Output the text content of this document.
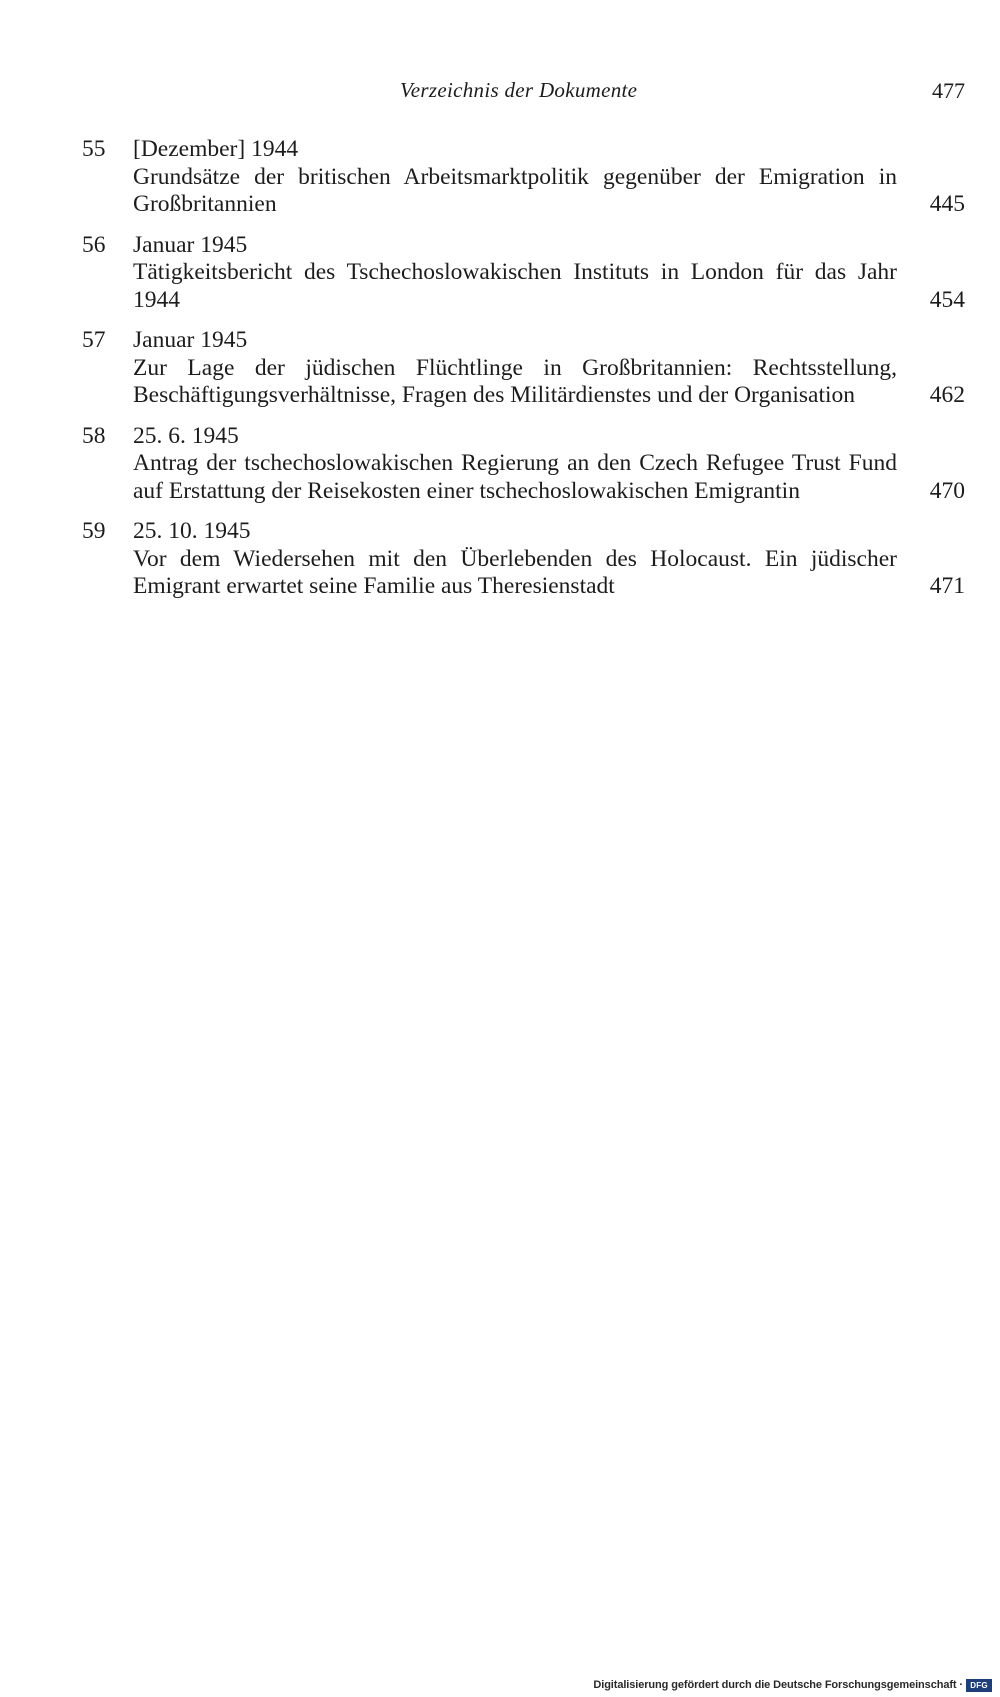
Verzeichnis der Dokumente	477
55	[Dezember] 1944
Grundsätze der britischen Arbeitsmarktpolitik gegenüber der Emigration in Großbritannien	445
56	Januar 1945
Tätigkeitsbericht des Tschechoslowakischen Instituts in London für das Jahr 1944	454
57	Januar 1945
Zur Lage der jüdischen Flüchtlinge in Großbritannien: Rechtsstellung, Beschäftigungsverhältnisse, Fragen des Militärdienstes und der Organisation	462
58	25. 6. 1945
Antrag der tschechoslowakischen Regierung an den Czech Refugee Trust Fund auf Erstattung der Reisekosten einer tschechoslowakischen Emigrantin	470
59	25. 10. 1945
Vor dem Wiedersehen mit den Überlebenden des Holocaust. Ein jüdischer Emigrant erwartet seine Familie aus Theresienstadt	471
Digitalisierung gefördert durch die Deutsche Forschungsgemeinschaft · DFG
